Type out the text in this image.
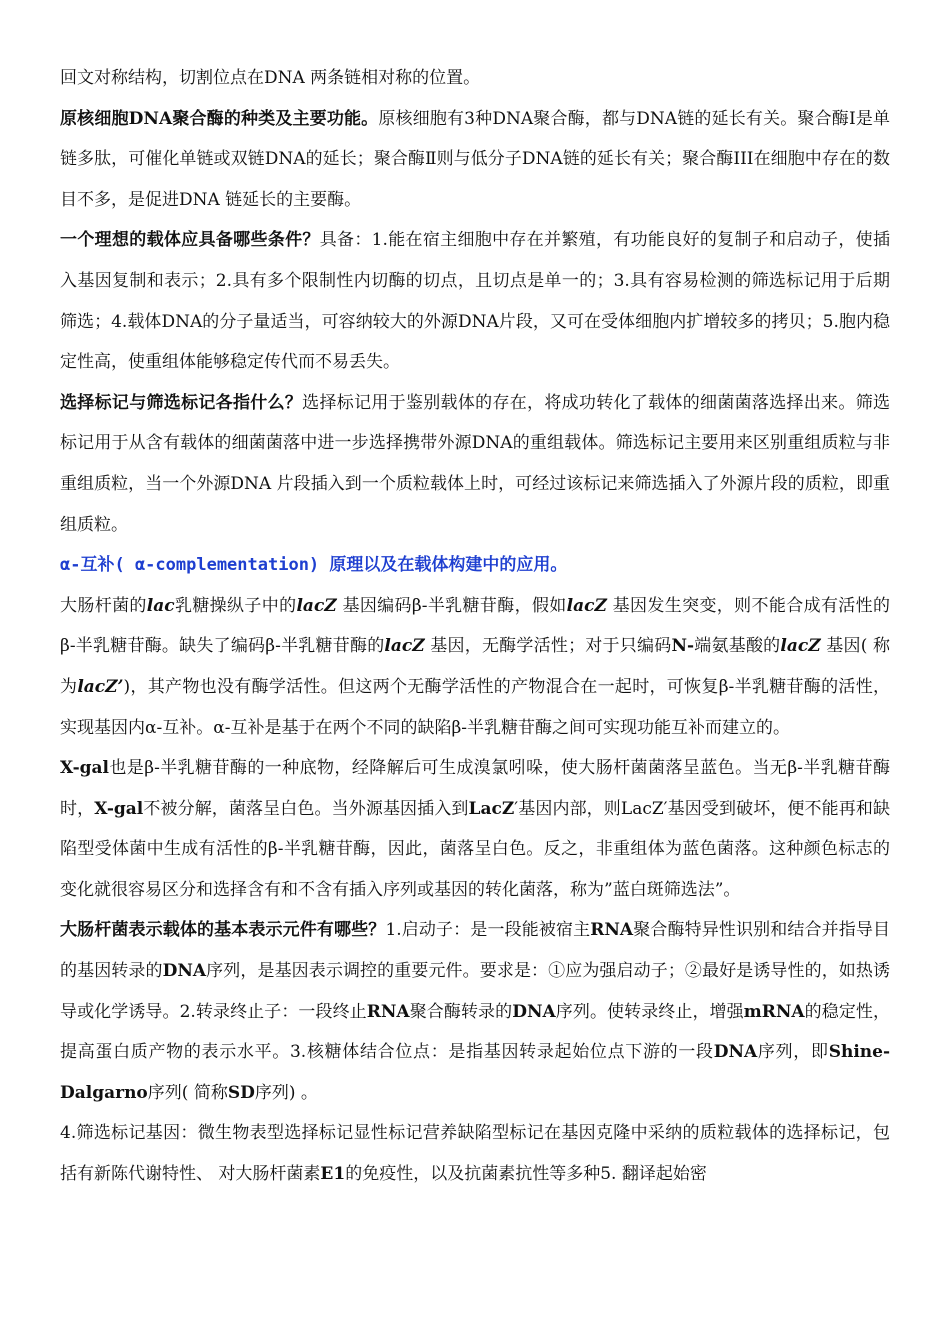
回文对称结构，切割位点在DNA 两条链相对称的位置。

原核细胞DNA聚合酶的种类及主要功能。原核细胞有3种DNA聚合酶，都与DNA链的延长有关。聚合酶Ⅰ是单链多肽，可催化单链或双链DNA的延长；聚合酶Ⅱ则与低分子DNA链的延长有关；聚合酶III在细胞中存在的数目不多，是促进DNA 链延长的主要酶。

一个理想的载体应具备哪些条件？具备：1.能在宿主细胞中存在并繁殖，有功能良好的复制子和启动子，使插入基因复制和表示；2.具有多个限制性内切酶的切点，且切点是单一的；3.具有容易检测的筛选标记用于后期筛选；4.载体DNA的分子量适当，可容纳较大的外源DNA片段，又可在受体细胞内扩增较多的拷贝；5.胞内稳定性高，使重组体能够稳定传代而不易丢失。

选择标记与筛选标记各指什么？选择标记用于鉴别载体的存在，将成功转化了载体的细菌菌落选择出来。筛选标记用于从含有载体的细菌菌落中进一步选择携带外源DNA的重组载体。筛选标记主要用来区别重组质粒与非重组质粒，当一个外源DNA 片段插入到一个质粒载体上时，可经过该标记来筛选插入了外源片段的质粒，即重组质粒。

α-互补( α-complementation) 原理以及在载体构建中的应用。

大肠杆菌的lac乳糖操纵子中的lacZ 基因编码β-半乳糖苷酶，假如lacZ 基因发生突变，则不能合成有活性的β-半乳糖苷酶。缺失了编码β-半乳糖苷酶的lacZ 基因，无酶学活性；对于只编码N-端氨基酸的lacZ 基因( 称为lacZ’)，其产物也没有酶学活性。但这两个无酶学活性的产物混合在一起时，可恢复β-半乳糖苷酶的活性，实现基因内α-互补。α-互补是基于在两个不同的缺陷β-半乳糖苷酶之间可实现功能互补而建立的。

X-gal也是β-半乳糖苷酶的一种底物，经降解后可生成溴氯吲哚，使大肠杆菌菌落呈蓝色。当无β-半乳糖苷酶时，X-gal不被分解，菌落呈白色。当外源基因插入到LacZ′基因内部，则LacZ′基因受到破坏，便不能再和缺陷型受体菌中生成有活性的β-半乳糖苷酶，因此，菌落呈白色。反之，非重组体为蓝色菌落。这种颜色标志的变化就很容易区分和选择含有和不含有插入序列或基因的转化菌落，称为”蓝白斑筛选法”。

大肠杆菌表示载体的基本表示元件有哪些？1.启动子：是一段能被宿主RNA聚合酶特异性识别和结合并指导目的基因转录的DNA序列，是基因表示调控的重要元件。要求是：①应为强启动子；②最好是诱导性的，如热诱导或化学诱导。2.转录终止子：一段终止RNA聚合酶转录的DNA序列。使转录终止，增强mRNA的稳定性，提高蛋白质产物的表示水平。3.核糖体结合位点：是指基因转录起始位点下游的一段DNA序列，即Shine-Dalgarno序列( 简称SD序列) 。

4.筛选标记基因：微生物表型选择标记显性标记营养缺陷型标记在基因克隆中采纳的质粒载体的选择标记，包括有新陈代谢特性、 对大肠杆菌素E1的免疫性，以及抗菌素抗性等多种5. 翻译起始密
